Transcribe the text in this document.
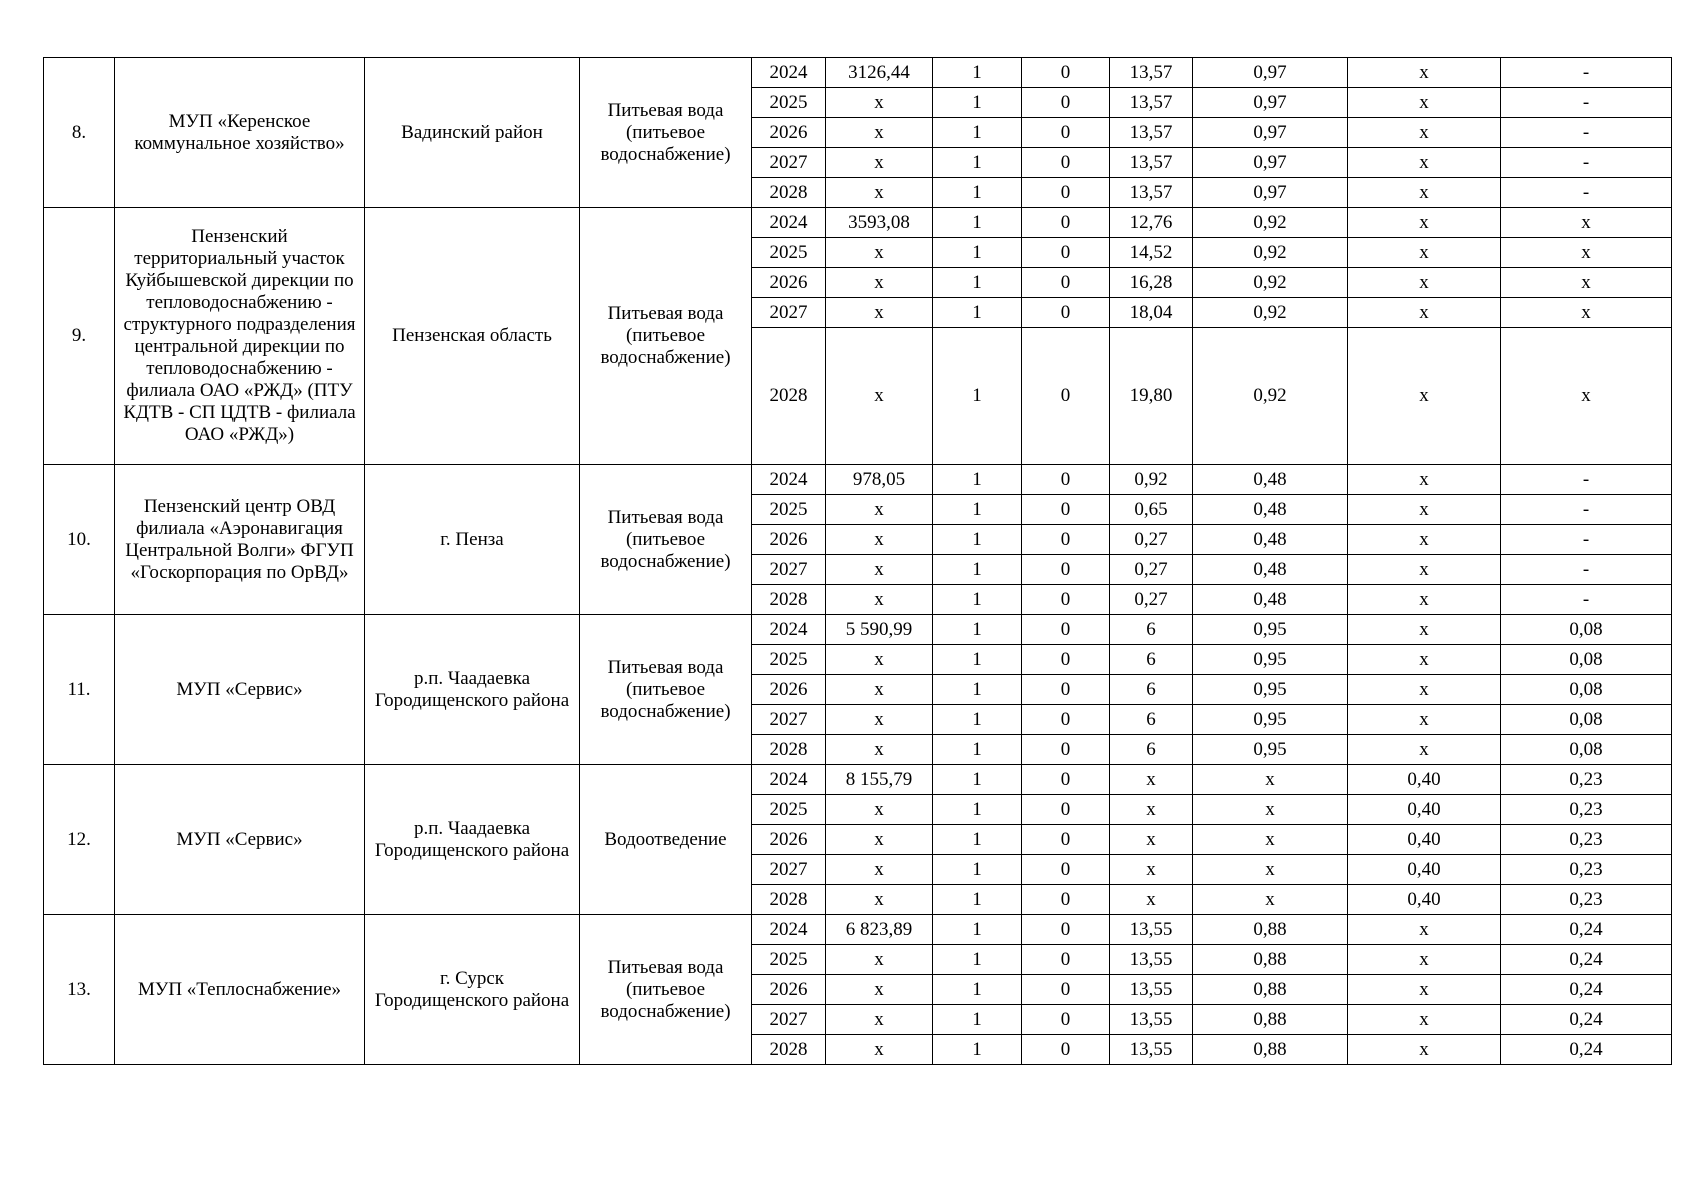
8.	МУП «Керенское коммунальное хозяйство»	Вадинский район	Питьевая вода (питьевое водоснабжение)	2024	3126,44	1	0	13,57	0,97	х	-
				2025	х	1	0	13,57	0,97	х	-
				2026	х	1	0	13,57	0,97	х	-
				2027	х	1	0	13,57	0,97	х	-
				2028	х	1	0	13,57	0,97	х	-
9.	Пензенский территориальный участок Куйбышевской дирекции по тепловодоснабжению - структурного подразделения центральной дирекции по тепловодоснабжению - филиала ОАО «РЖД» (ПТУ КДТВ - СП ЦДТВ - филиала ОАО «РЖД»)	Пензенская область	Питьевая вода (питьевое водоснабжение)	2024	3593,08	1	0	12,76	0,92	х	х
				2025	х	1	0	14,52	0,92	х	х
				2026	х	1	0	16,28	0,92	х	х
				2027	х	1	0	18,04	0,92	х	х
				2028	х	1	0	19,80	0,92	х	х
10.	Пензенский центр ОВД филиала «Аэронавигация Центральной Волги» ФГУП «Госкорпорация по ОрВД»	г. Пенза	Питьевая вода (питьевое водоснабжение)	2024	978,05	1	0	0,92	0,48	х	-
				2025	х	1	0	0,65	0,48	х	-
				2026	х	1	0	0,27	0,48	х	-
				2027	х	1	0	0,27	0,48	х	-
				2028	х	1	0	0,27	0,48	х	-
11.	МУП «Сервис»	р.п. Чаадаевка Городищенского района	Питьевая вода (питьевое водоснабжение)	2024	5 590,99	1	0	6	0,95	х	0,08
				2025	х	1	0	6	0,95	х	0,08
				2026	х	1	0	6	0,95	х	0,08
				2027	х	1	0	6	0,95	х	0,08
				2028	х	1	0	6	0,95	х	0,08
12.	МУП «Сервис»	р.п. Чаадаевка Городищенского района	Водоотведение	2024	8 155,79	1	0	х	х	0,40	0,23
				2025	х	1	0	х	х	0,40	0,23
				2026	х	1	0	х	х	0,40	0,23
				2027	х	1	0	х	х	0,40	0,23
				2028	х	1	0	х	х	0,40	0,23
13.	МУП «Теплоснабжение»	г. Сурск Городищенского района	Питьевая вода (питьевое водоснабжение)	2024	6 823,89	1	0	13,55	0,88	х	0,24
				2025	х	1	0	13,55	0,88	х	0,24
				2026	х	1	0	13,55	0,88	х	0,24
				2027	х	1	0	13,55	0,88	х	0,24
				2028	х	1	0	13,55	0,88	х	0,24
